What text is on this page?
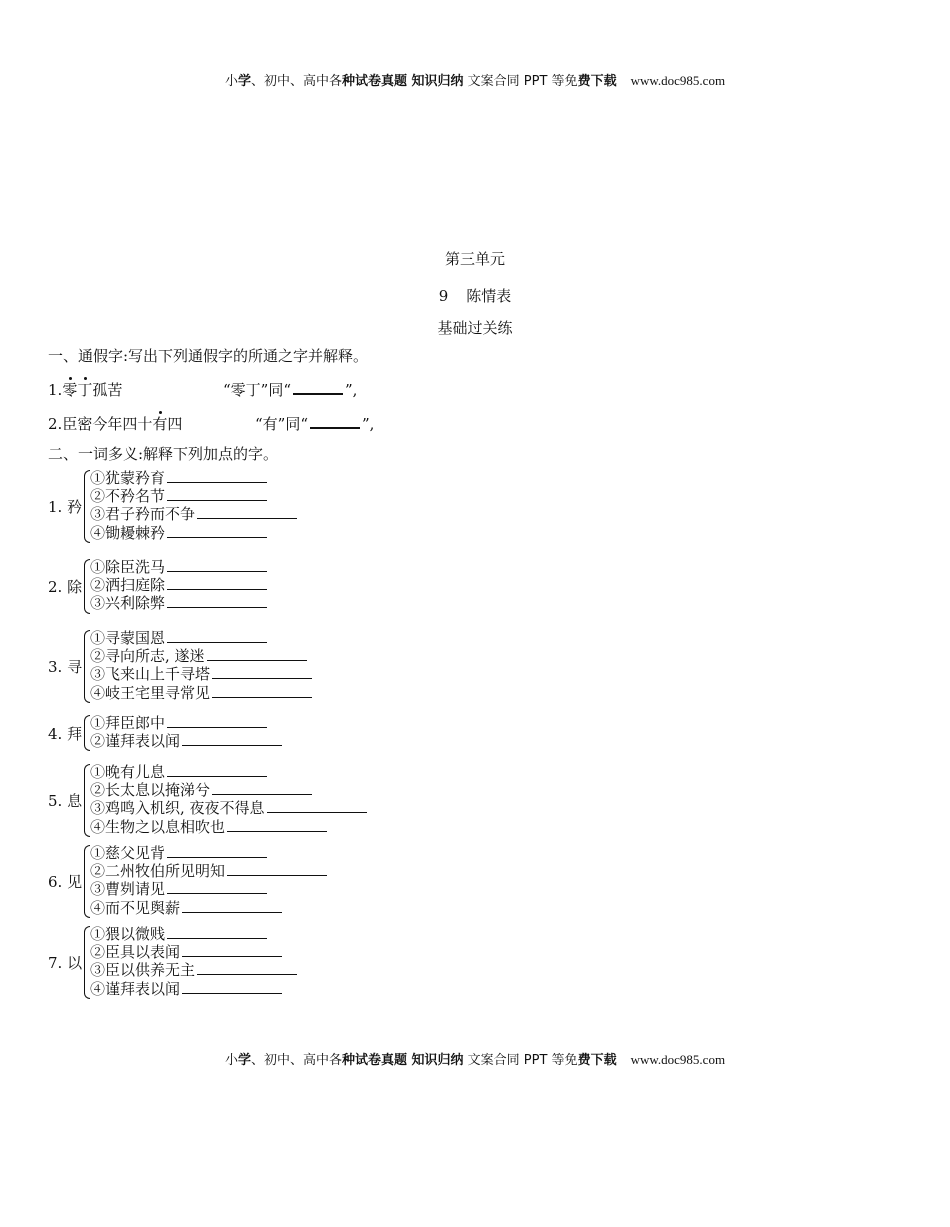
小学、初中、高中各种试卷真题 知识归纳 文案合同 PPT 等免费下载 www.doc985.com
第三单元
9 陈情表
基础过关练
一、通假字:写出下列通假字的所通之字并解释。
1.零丁孤苦	“零丁”同“	”,
2.臣密今年四十有四	“有”同“	”,
二、一词多义:解释下列加点的字。
1. 矜
①犹蒙矜育
②不矜名节
③君子矜而不争
④锄耰棘矜
2. 除
①除臣洗马
②洒扫庭除
③兴利除弊
3. 寻
①寻蒙国恩
②寻向所志, 遂迷
③飞来山上千寻塔
④岐王宅里寻常见
4. 拜
①拜臣郎中
②谨拜表以闻
5. 息
①晚有儿息
②长太息以掩涕兮
③鸡鸣入机织, 夜夜不得息
④生物之以息相吹也
6. 见
①慈父见背
②二州牧伯所见明知
③曹刿请见
④而不见舆薪
7. 以
①猥以微贱
②臣具以表闻
③臣以供养无主
④谨拜表以闻
小学、初中、高中各种试卷真题 知识归纳 文案合同 PPT 等免费下载 www.doc985.com
